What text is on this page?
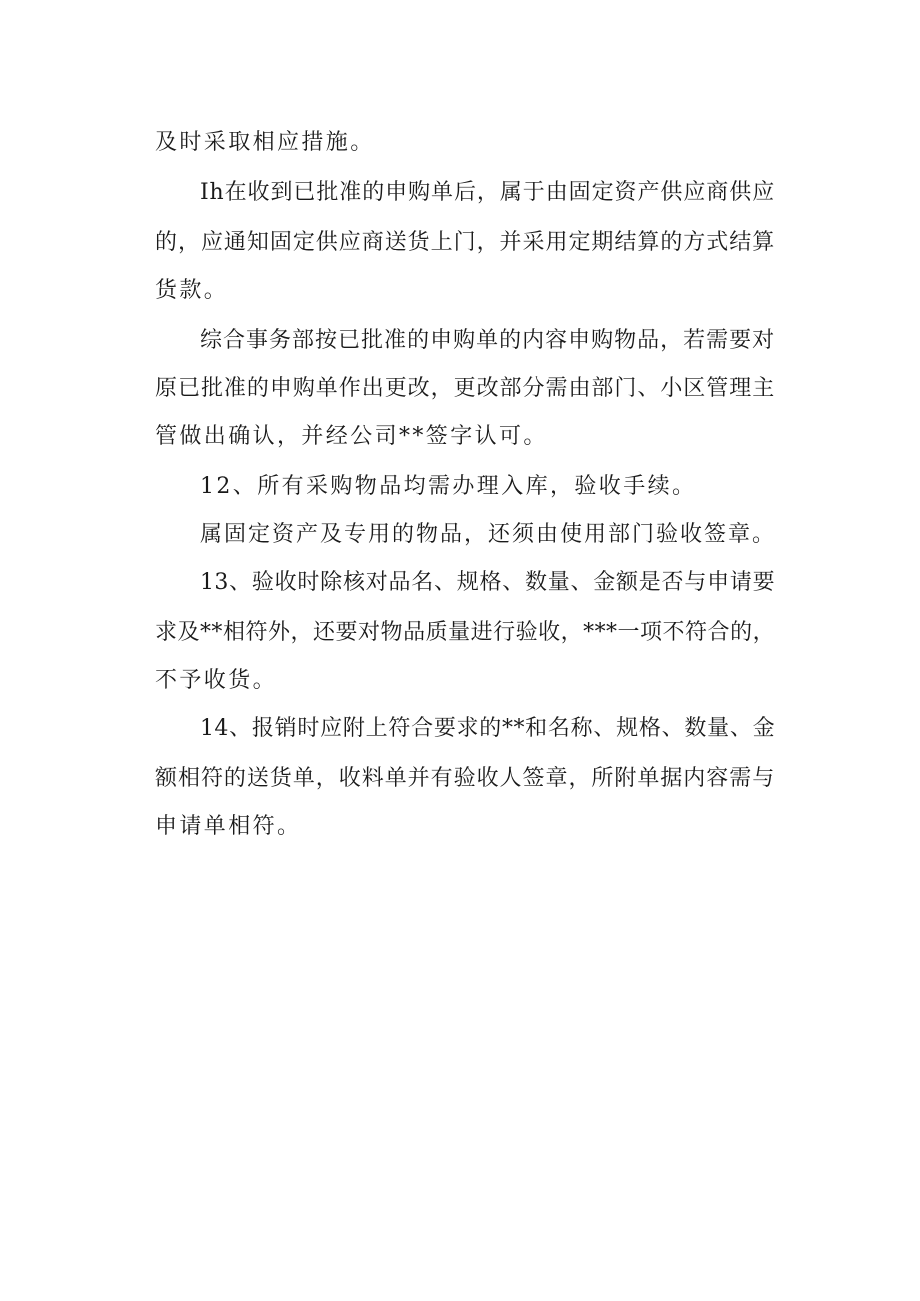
及时采取相应措施。
Ih在收到已批准的申购单后，属于由固定资产供应商供应
的，应通知固定供应商送货上门，并采用定期结算的方式结算
货款。
综合事务部按已批准的申购单的内容申购物品，若需要对
原已批准的申购单作出更改，更改部分需由部门、小区管理主
管做出确认，并经公司**签字认可。
12、所有采购物品均需办理入库，验收手续。
属固定资产及专用的物品，还须由使用部门验收签章。
13、验收时除核对品名、规格、数量、金额是否与申请要
求及**相符外，还要对物品质量进行验收，***一项不符合的，
不予收货。
14、报销时应附上符合要求的**和名称、规格、数量、金
额相符的送货单，收料单并有验收人签章，所附单据内容需与
申请单相符。
